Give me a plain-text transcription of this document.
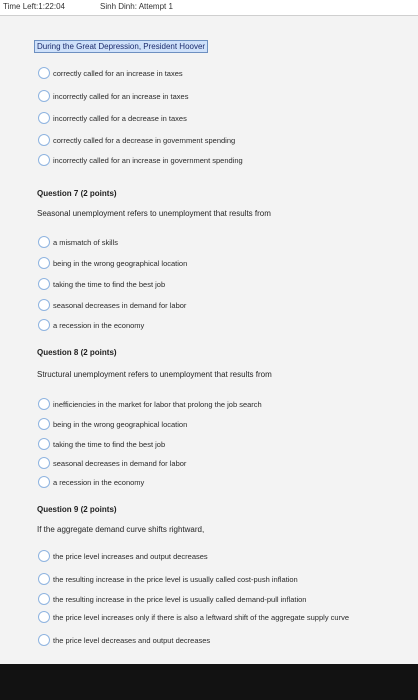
Time Left:1:22:04	Sinh Dinh: Attempt 1
During the Great Depression, President Hoover
correctly called for an increase in taxes
incorrectly called for an increase in taxes
incorrectly called for a decrease in taxes
correctly called for a decrease in government spending
incorrectly called for an increase in government spending
Question 7 (2 points)
Seasonal unemployment refers to unemployment that results from
a mismatch of skills
being in the wrong geographical location
taking the time to find the best job
seasonal decreases in demand for labor
a recession in the economy
Question 8 (2 points)
Structural unemployment refers to unemployment that results from
inefficiencies in the market for labor that prolong the job search
being in the wrong geographical location
taking the time to find the best job
seasonal decreases in demand for labor
a recession in the economy
Question 9 (2 points)
If the aggregate demand curve shifts rightward,
the price level increases and output decreases
the resulting increase in the price level is usually called cost-push inflation
the resulting increase in the price level is usually called demand-pull inflation
the price level increases only if there is also a leftward shift of the aggregate supply curve
the price level decreases and output decreases
